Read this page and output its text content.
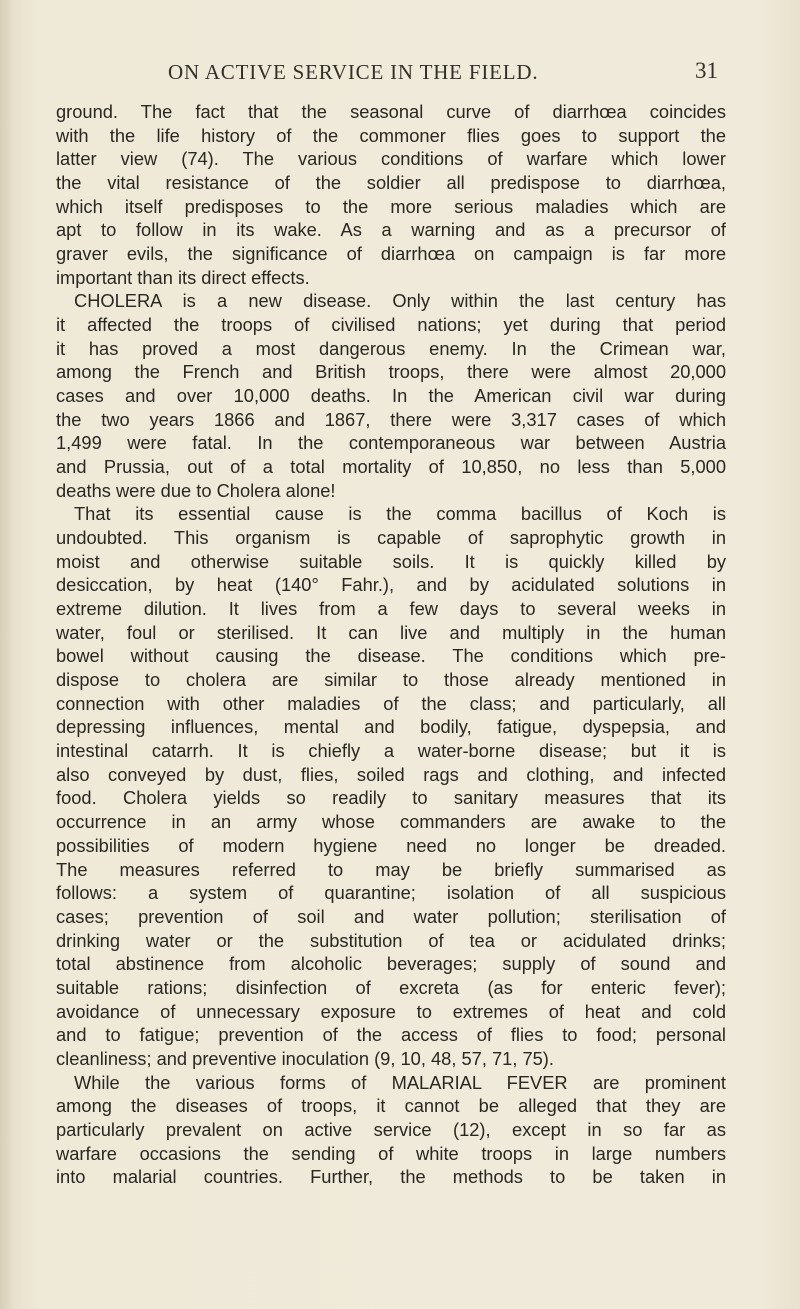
ON ACTIVE SERVICE IN THE FIELD.	31
ground. The fact that the seasonal curve of diarrhœa coincides
with the life history of the commoner flies goes to support the
latter view (74). The various conditions of warfare which lower
the vital resistance of the soldier all predispose to diarrhœa,
which itself predisposes to the more serious maladies which are
apt to follow in its wake. As a warning and as a precursor of
graver evils, the significance of diarrhœa on campaign is far more
important than its direct effects.
CHOLERA is a new disease. Only within the last century has
it affected the troops of civilised nations; yet during that period
it has proved a most dangerous enemy. In the Crimean war,
among the French and British troops, there were almost 20,000
cases and over 10,000 deaths. In the American civil war during
the two years 1866 and 1867, there were 3,317 cases of which
1,499 were fatal. In the contemporaneous war between Austria
and Prussia, out of a total mortality of 10,850, no less than 5,000
deaths were due to Cholera alone!
That its essential cause is the comma bacillus of Koch is
undoubted. This organism is capable of saprophytic growth in
moist and otherwise suitable soils. It is quickly killed by
desiccation, by heat (140° Fahr.), and by acidulated solutions in
extreme dilution. It lives from a few days to several weeks in
water, foul or sterilised. It can live and multiply in the human
bowel without causing the disease. The conditions which pre-
dispose to cholera are similar to those already mentioned in
connection with other maladies of the class; and particularly, all
depressing influences, mental and bodily, fatigue, dyspepsia, and
intestinal catarrh. It is chiefly a water-borne disease; but it is
also conveyed by dust, flies, soiled rags and clothing, and infected
food. Cholera yields so readily to sanitary measures that its
occurrence in an army whose commanders are awake to the
possibilities of modern hygiene need no longer be dreaded.
The measures referred to may be briefly summarised as
follows: a system of quarantine; isolation of all suspicious
cases; prevention of soil and water pollution; sterilisation of
drinking water or the substitution of tea or acidulated drinks;
total abstinence from alcoholic beverages; supply of sound and
suitable rations; disinfection of excreta (as for enteric fever);
avoidance of unnecessary exposure to extremes of heat and cold
and to fatigue; prevention of the access of flies to food; personal
cleanliness; and preventive inoculation (9, 10, 48, 57, 71, 75).
While the various forms of MALARIAL FEVER are prominent
among the diseases of troops, it cannot be alleged that they are
particularly prevalent on active service (12), except in so far as
warfare occasions the sending of white troops in large numbers
into malarial countries. Further, the methods to be taken in
